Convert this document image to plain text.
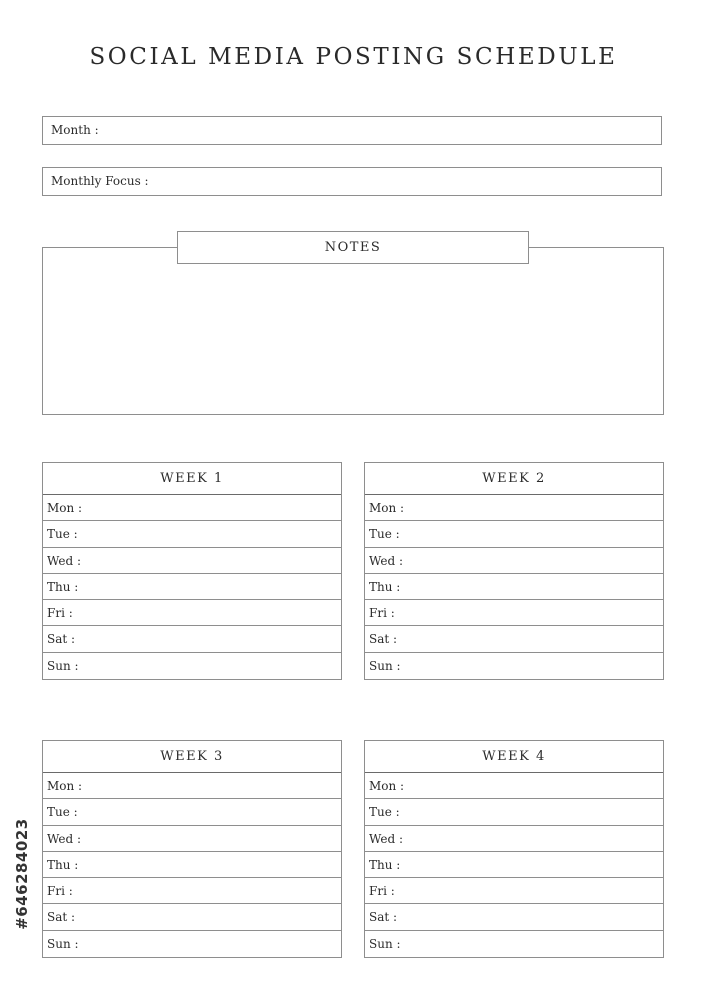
SOCIAL MEDIA POSTING SCHEDULE
Month :
Monthly Focus :
NOTES
WEEK 1
Mon :
Tue :
Wed :
Thu :
Fri :
Sat :
Sun :
WEEK 2
Mon :
Tue :
Wed :
Thu :
Fri :
Sat :
Sun :
WEEK 3
Mon :
Tue :
Wed :
Thu :
Fri :
Sat :
Sun :
WEEK 4
Mon :
Tue :
Wed :
Thu :
Fri :
Sat :
Sun :
#646284023
